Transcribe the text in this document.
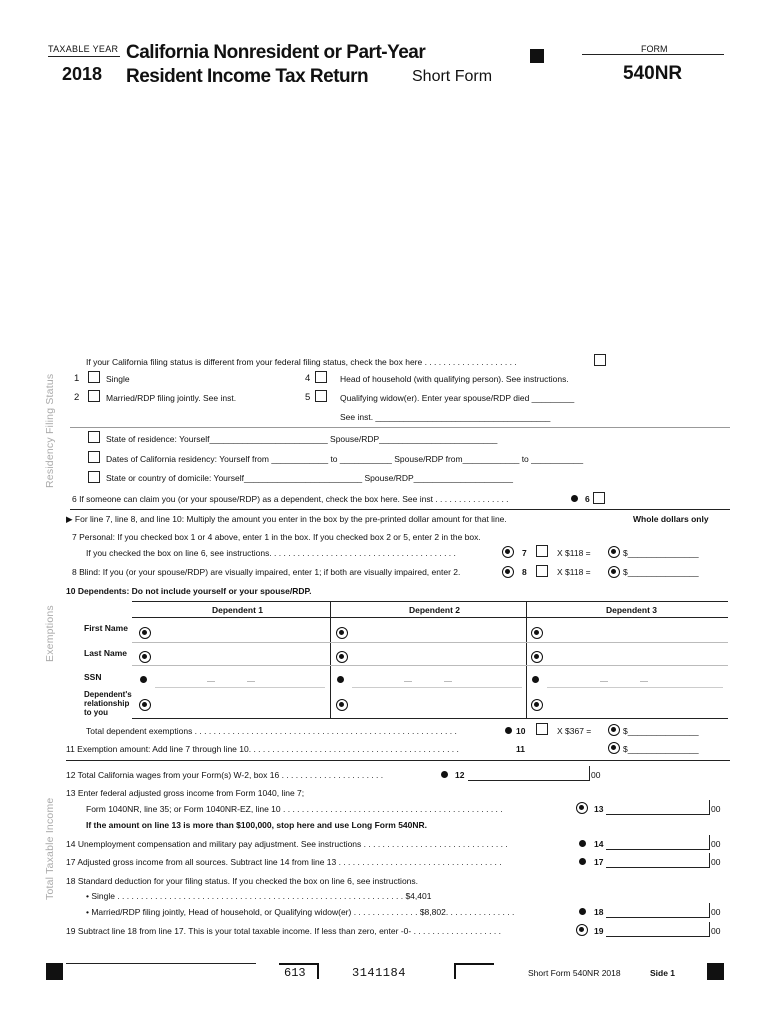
TAXABLE YEAR
2018
California Nonresident or Part-Year
Resident Income Tax Return	Short Form
FORM
540NR
Residency Filing Status
Exemptions
Total Taxable Income
If your California filing status is different from your federal filing status, check the box here . . . . . . . . . . . . . . . . . . . .
1	Single	4	Head of household (with qualifying person). See instructions.
2	Married/RDP filing jointly. See inst.	5	Qualifying widow(er). Enter year spouse/RDP died _________
See inst. _____________________________________
State of residence: Yourself_________________________ Spouse/RDP_________________________
Dates of California residency: Yourself from ____________ to ___________ Spouse/RDP from____________ to ___________
State or country of domicile: Yourself_________________________ Spouse/RDP_____________________
6 If someone can claim you (or your spouse/RDP) as a dependent, check the box here. See inst . . . . . . . . . . . . . . . .	6
▶ For line 7, line 8, and line 10: Multiply the amount you enter in the box by the pre-printed dollar amount for that line.	Whole dollars only
7 Personal: If you checked box 1 or 4 above, enter 1 in the box. If you checked box 2 or 5, enter 2 in the box.
If you checked the box on line 6, see instructions. . . . . . . . . . . . . . . . . . . . . . . . . . . . . . . . . . . . . . . .	7	X $118 =	$_______________
8 Blind: If you (or your spouse/RDP) are visually impaired, enter 1; if both are visually impaired, enter 2.	8	X $118 =	$_______________
10 Dependents: Do not include yourself or your spouse/RDP.
Dependent 1	Dependent 2	Dependent 3
First Name
Last Name
SSN
Dependent's relationship to you
Total dependent exemptions . . . . . . . . . . . . . . . . . . . . . . . . . . . . . . . . . . . . . . . . . . . . . . . . . . . . . . . .	10	X $367 =	$_______________
11 Exemption amount: Add line 7 through line 10. . . . . . . . . . . . . . . . . . . . . . . . . . . . . . . . . . . . . . . . . . . . .	11	$_______________
12 Total California wages from your Form(s) W-2, box 16 . . . . . . . . . . . . . . . . . . . . . .	12	00
13 Enter federal adjusted gross income from Form 1040, line 7;
Form 1040NR, line 35; or Form 1040NR-EZ, line 10 . . . . . . . . . . . . . . . . . . . . . . . . . . . . . . . . . . . . . . . . . . . . . . .	13	00
If the amount on line 13 is more than $100,000, stop here and use Long Form 540NR.
14 Unemployment compensation and military pay adjustment. See instructions . . . . . . . . . . . . . . . . . . . . . . . . . . . . . . .	14	00
17 Adjusted gross income from all sources. Subtract line 14 from line 13 . . . . . . . . . . . . . . . . . . . . . . . . . . . . . . . . . . .	17	00
18 Standard deduction for your filing status. If you checked the box on line 6, see instructions.
• Single . . . . . . . . . . . . . . . . . . . . . . . . . . . . . . . . . . . . . . . . . . . . . . . . . . . . . . . . . . . . . $4,401
• Married/RDP filing jointly, Head of household, or Qualifying widow(er) . . . . . . . . . . . . . . $8,802. . . . . . . . . . . . . . .	18	00
19 Subtract line 18 from line 17. This is your total taxable income. If less than zero, enter -0- . . . . . . . . . . . . . . . . . . .	19	00
613	3141184	Short Form 540NR 2018	Side 1
